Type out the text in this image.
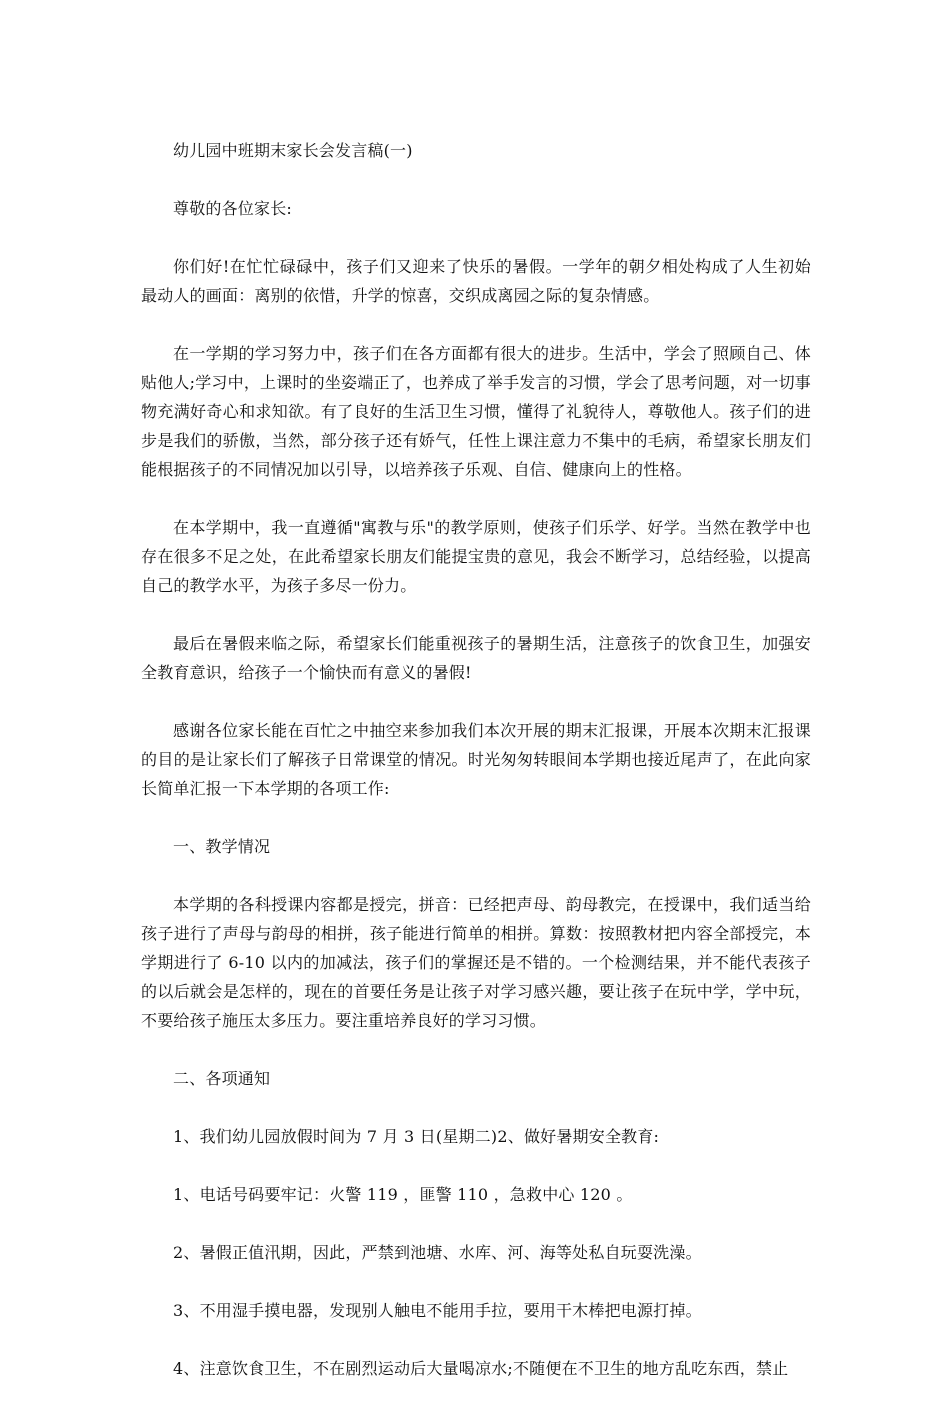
幼儿园中班期末家长会发言稿(一)

尊敬的各位家长:

你们好!在忙忙碌碌中，孩子们又迎来了快乐的暑假。一学年的朝夕相处构成了人生初始最动人的画面：离别的依惜，升学的惊喜，交织成离园之际的复杂情感。

在一学期的学习努力中，孩子们在各方面都有很大的进步。生活中，学会了照顾自己、体贴他人;学习中，上课时的坐姿端正了，也养成了举手发言的习惯，学会了思考问题，对一切事物充满好奇心和求知欲。有了良好的生活卫生习惯，懂得了礼貌待人，尊敬他人。孩子们的进步是我们的骄傲，当然，部分孩子还有娇气，任性上课注意力不集中的毛病，希望家长朋友们能根据孩子的不同情况加以引导，以培养孩子乐观、自信、健康向上的性格。

在本学期中，我一直遵循"寓教与乐"的教学原则，使孩子们乐学、好学。当然在教学中也存在很多不足之处，在此希望家长朋友们能提宝贵的意见，我会不断学习，总结经验，以提高自己的教学水平，为孩子多尽一份力。

最后在暑假来临之际，希望家长们能重视孩子的暑期生活，注意孩子的饮食卫生，加强安全教育意识，给孩子一个愉快而有意义的暑假!

感谢各位家长能在百忙之中抽空来参加我们本次开展的期末汇报课，开展本次期末汇报课的目的是让家长们了解孩子日常课堂的情况。时光匆匆转眼间本学期也接近尾声了，在此向家长简单汇报一下本学期的各项工作:

一、教学情况

本学期的各科授课内容都是授完，拼音：已经把声母、韵母教完，在授课中，我们适当给孩子进行了声母与韵母的相拼，孩子能进行简单的相拼。算数：按照教材把内容全部授完，本学期进行了 6-10 以内的加减法，孩子们的掌握还是不错的。一个检测结果，并不能代表孩子的以后就会是怎样的，现在的首要任务是让孩子对学习感兴趣，要让孩子在玩中学，学中玩，不要给孩子施压太多压力。要注重培养良好的学习习惯。

二、各项通知

1、我们幼儿园放假时间为 7 月 3 日(星期二)2、做好暑期安全教育:

1、电话号码要牢记：火警 119 ，匪警 110 ，急救中心 120 。

2、暑假正值汛期，因此，严禁到池塘、水库、河、海等处私自玩耍洗澡。

3、不用湿手摸电器，发现别人触电不能用手拉，要用干木棒把电源打掉。

4、注意饮食卫生，不在剧烈运动后大量喝凉水;不随便在不卫生的地方乱吃东西，禁止
